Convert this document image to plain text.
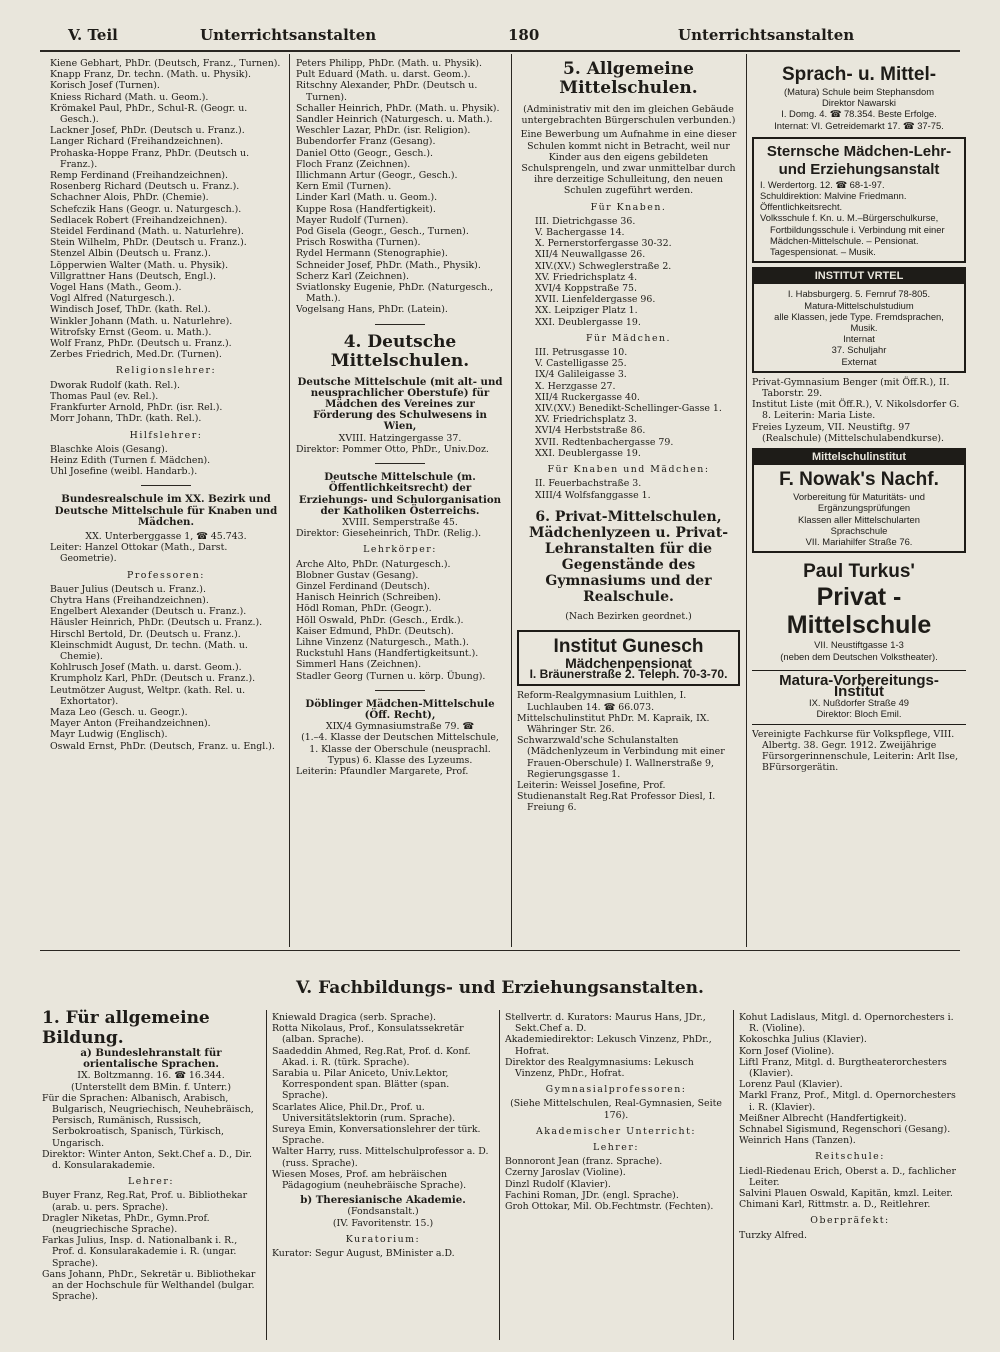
V. Teil	Unterrichtsanstalten	180	Unterrichtsanstalten

Kiene Gebhart, PhDr. (Deutsch, Franz., Turnen).

Knapp Franz, Dr. techn. (Math. u. Physik).

Korisch Josef (Turnen).

Kniess Richard (Math. u. Geom.).

Krömakel Paul, PhDr., Schul-R. (Geogr. u. Gesch.).

Lackner Josef, PhDr. (Deutsch u. Franz.).

Langer Richard (Freihandzeichnen).

Prohaska-Hoppe Franz, PhDr. (Deutsch u. Franz.).

Remp Ferdinand (Freihandzeichnen).

Rosenberg Richard (Deutsch u. Franz.).

Schachner Alois, PhDr. (Chemie).

Schefczik Hans (Geogr. u. Naturgesch.).

Sedlacek Robert (Freihandzeichnen).

Steidel Ferdinand (Math. u. Naturlehre).

Stein Wilhelm, PhDr. (Deutsch u. Franz.).

Stenzel Albin (Deutsch u. Franz.).

Löpperwien Walter (Math. u. Physik).

Villgrattner Hans (Deutsch, Engl.).

Vogel Hans (Math., Geom.).

Vogl Alfred (Naturgesch.).

Windisch Josef, ThDr. (kath. Rel.).

Winkler Johann (Math. u. Naturlehre).

Witrofsky Ernst (Geom. u. Math.).

Wolf Franz, PhDr. (Deutsch u. Franz.).

Zerbes Friedrich, Med.Dr. (Turnen).

Religionslehrer:

Dworak Rudolf (kath. Rel.).

Thomas Paul (ev. Rel.).

Frankfurter Arnold, PhDr. (isr. Rel.).

Morr Johann, ThDr. (kath. Rel.).

Hilfslehrer:

Blaschke Alois (Gesang).

Heinz Edith (Turnen f. Mädchen).

Uhl Josefine (weibl. Handarb.).

Bundesrealschule im XX. Bezirk und Deutsche Mittelschule für Knaben und Mädchen.

XX. Unterberggasse 1, ☎ 45.743.

Leiter: Hanzel Ottokar (Math., Darst. Geometrie).

Professoren:

Bauer Julius (Deutsch u. Franz.).

Chytra Hans (Freihandzeichnen).

Engelbert Alexander (Deutsch u. Franz.).

Häusler Heinrich, PhDr. (Deutsch u. Franz.).

Hirschl Bertold, Dr. (Deutsch u. Franz.).

Kleinschmidt August, Dr. techn. (Math. u. Chemie).

Kohlrusch Josef (Math. u. darst. Geom.).

Krumpholz Karl, PhDr. (Deutsch u. Franz.).

Leutmötzer August, Weltpr. (kath. Rel. u. Exhortator).

Maza Leo (Gesch. u. Geogr.).

Mayer Anton (Freihandzeichnen).

Mayr Ludwig (Englisch).

Oswald Ernst, PhDr. (Deutsch, Franz. u. Engl.).

Peters Philipp, PhDr. (Math. u. Physik).

Pult Eduard (Math. u. darst. Geom.).

Ritschny Alexander, PhDr. (Deutsch u. Turnen).

Schaller Heinrich, PhDr. (Math. u. Physik).

Sandler Heinrich (Naturgesch. u. Math.).

Weschler Lazar, PhDr. (isr. Religion).

Bubendorfer Franz (Gesang).

Daniel Otto (Geogr., Gesch.).

Floch Franz (Zeichnen).

Illichmann Artur (Geogr., Gesch.).

Kern Emil (Turnen).

Linder Karl (Math. u. Geom.).

Kuppe Rosa (Handfertigkeit).

Mayer Rudolf (Turnen).

Pod Gisela (Geogr., Gesch., Turnen).

Prisch Roswitha (Turnen).

Rydel Hermann (Stenographie).

Schneider Josef, PhDr. (Math., Physik).

Scherz Karl (Zeichnen).

Sviatlonsky Eugenie, PhDr. (Naturgesch., Math.).

Vogelsang Hans, PhDr. (Latein).

4. Deutsche Mittelschulen.

Deutsche Mittelschule (mit alt- und neusprachlicher Oberstufe) für Mädchen des Vereines zur Förderung des Schulwesens in Wien,

XVIII. Hatzingergasse 37.

Direktor: Pommer Otto, PhDr., Univ.Doz.

Deutsche Mittelschule (m. Öffentlichkeitsrecht) der Erziehungs- und Schulorganisation der Katholiken Österreichs.

XVIII. Semperstraße 45.

Direktor: Gieseheinrich, ThDr. (Relig.).

Lehrkörper:

Arche Alto, PhDr. (Naturgesch.).

Blobner Gustav (Gesang).

Ginzel Ferdinand (Deutsch).

Hanisch Heinrich (Schreiben).

Hödl Roman, PhDr. (Geogr.).

Höll Oswald, PhDr. (Gesch., Erdk.).

Kaiser Edmund, PhDr. (Deutsch).

Lihne Vinzenz (Naturgesch., Math.).

Ruckstuhl Hans (Handfertigkeitsunt.).

Simmerl Hans (Zeichnen).

Stadler Georg (Turnen u. körp. Übung).

Döblinger Mädchen-Mittelschule (Öff. Recht),

XIX/4 Gymnasiumstraße 79. ☎

(1.–4. Klasse der Deutschen Mittelschule, 1. Klasse der Oberschule (neusprachl. Typus) 6. Klasse des Lyzeums.

Leiterin: Pfaundler Margarete, Prof.

5. Allgemeine Mittelschulen.

(Administrativ mit den im gleichen Gebäude untergebrachten Bürgerschulen verbunden.)

Eine Bewerbung um Aufnahme in eine dieser Schulen kommt nicht in Betracht, weil nur Kinder aus den eigens gebildeten Schulsprengeln, und zwar unmittelbar durch ihre derzeitige Schulleitung, den neuen Schulen zugeführt werden.

Für Knaben.

III. Dietrichgasse 36.

V. Bachergasse 14.

X. Pernerstorfergasse 30-32.

XII/4 Neuwallgasse 26.

XIV.(XV.) Schweglerstraße 2.

XV. Friedrichsplatz 4.

XVI/4 Koppstraße 75.

XVII. Lienfeldergasse 96.

XX. Leipziger Platz 1.

XXI. Deublergasse 19.

Für Mädchen.

III. Petrusgasse 10.

V. Castelligasse 25.

IX/4 Galileigasse 3.

X. Herzgasse 27.

XII/4 Ruckergasse 40.

XIV.(XV.) Benedikt-Schellinger-Gasse 1.

XV. Friedrichsplatz 3.

XVI/4 Herbststraße 86.

XVII. Redtenbachergasse 79.

XXI. Deublergasse 19.

Für Knaben und Mädchen:

II. Feuerbachstraße 3.

XIII/4 Wolfsfanggasse 1.

6. Privat-Mittelschulen, Mädchenlyzeen u. Privat-Lehranstalten für die Gegenstände des Gymnasiums und der Realschule.

(Nach Bezirken geordnet.)

Institut Gunesch

Mädchenpensionat

I. Bräunerstraße 2. Teleph. 70-3-70.

Reform-Realgymnasium Luithlen, I. Luchlauben 14. ☎ 66.073.

Mittelschulinstitut PhDr. M. Kapraik, IX. Währinger Str. 26.

Schwarzwald'sche Schulanstalten (Mädchenlyzeum in Verbindung mit einer Frauen-Oberschule) I. Wallnerstraße 9, Regierungsgasse 1.

Leiterin: Weissel Josefine, Prof.

Studienanstalt Reg.Rat Professor Diesl, I. Freiung 6.

Sprach- u. Mittel-

(Matura) Schule beim Stephansdom

Direktor Nawarski

I. Domg. 4. ☎ 78.354. Beste Erfolge.

Internat: VI. Getreidemarkt 17. ☎ 37-75.

Sternsche Mädchen-Lehr- und Erziehungsanstalt

I. Werdertorg. 12. ☎ 68-1-97.

Schuldirektion: Malvine Friedmann.

Öffentlichkeitsrecht.

Volksschule f. Kn. u. M.–Bürgerschulkurse, Fortbildungsschule i. Verbindung mit einer Mädchen-Mittelschule. – Pensionat. Tagespensionat. – Musik.

INSTITUT VRTEL

I. Habsburgerg. 5. Fernruf 78-805.

Matura-Mittelschulstudium

alle Klassen, jede Type. Fremdsprachen, Musik.

Internat

37. Schuljahr

Externat

Privat-Gymnasium Benger (mit Öff.R.), II. Taborstr. 29.

Institut Liste (mit Öff.R.), V. Nikolsdorfer G. 8. Leiterin: Maria Liste.

Freies Lyzeum, VII. Neustiftg. 97 (Realschule) (Mittelschulabendkurse).

Mittelschulinstitut

F. Nowak's Nachf.

Vorbereitung für Maturitäts- und Ergänzungsprüfungen

Klassen aller Mittelschularten

Sprachschule

VII. Mariahilfer Straße 76.

Paul Turkus'

Privat - Mittelschule

VII. Neustiftgasse 1-3

(neben dem Deutschen Volkstheater).

Matura-Vorbereitungs-Institut

IX. Nußdorfer Straße 49

Direktor: Bloch Emil.

Vereinigte Fachkurse für Volkspflege, VIII. Albertg. 38. Gegr. 1912. Zweijährige Fürsorgerinnenschule, Leiterin: Arlt Ilse, BFürsorgerätin.

V. Fachbildungs- und Erziehungsanstalten.

1. Für allgemeine Bildung.

a) Bundeslehranstalt für orientalische Sprachen.

IX. Boltzmanng. 16. ☎ 16.344.

(Unterstellt dem BMin. f. Unterr.)

Für die Sprachen: Albanisch, Arabisch, Bulgarisch, Neugriechisch, Neuhebräisch, Persisch, Rumänisch, Russisch, Serbokroatisch, Spanisch, Türkisch, Ungarisch.

Direktor: Winter Anton, Sekt.Chef a. D., Dir. d. Konsularakademie.

Lehrer:

Buyer Franz, Reg.Rat, Prof. u. Bibliothekar (arab. u. pers. Sprache).

Dragler Niketas, PhDr., Gymn.Prof. (neugriechische Sprache).

Farkas Julius, Insp. d. Nationalbank i. R., Prof. d. Konsularakademie i. R. (ungar. Sprache).

Gans Johann, PhDr., Sekretär u. Bibliothekar an der Hochschule für Welthandel (bulgar. Sprache).

Kniewald Dragica (serb. Sprache).

Rotta Nikolaus, Prof., Konsulatssekretär (alban. Sprache).

Saadeddin Ahmed, Reg.Rat, Prof. d. Konf. Akad. i. R. (türk. Sprache).

Sarabia u. Pilar Aniceto, Univ.Lektor, Korrespondent span. Blätter (span. Sprache).

Scarlates Alice, Phil.Dr., Prof. u. Universitätslektorin (rum. Sprache).

Sureya Emin, Konversationslehrer der türk. Sprache.

Walter Harry, russ. Mittelschulprofessor a. D. (russ. Sprache).

Wiesen Moses, Prof. am hebräischen Pädagogium (neuhebräische Sprache).

b) Theresianische Akademie.

(Fondsanstalt.)

(IV. Favoritenstr. 15.)

Kuratorium:

Kurator: Segur August, BMinister a.D.

Stellvertr. d. Kurators: Maurus Hans, JDr., Sekt.Chef a. D.

Akademiedirektor: Lekusch Vinzenz, PhDr., Hofrat.

Direktor des Realgymnasiums: Lekusch Vinzenz, PhDr., Hofrat.

Gymnasialprofessoren:

(Siehe Mittelschulen, Real-Gymnasien, Seite 176).

Akademischer Unterricht:

Lehrer:

Bonnoront Jean (franz. Sprache).

Czerny Jaroslav (Violine).

Dinzl Rudolf (Klavier).

Fachini Roman, JDr. (engl. Sprache).

Groh Ottokar, Mil. Ob.Fechtmstr. (Fechten).

Kohut Ladislaus, Mitgl. d. Opernorchesters i. R. (Violine).

Kokoschka Julius (Klavier).

Korn Josef (Violine).

Liftl Franz, Mitgl. d. Burgtheaterorchesters (Klavier).

Lorenz Paul (Klavier).

Markl Franz, Prof., Mitgl. d. Opernorchesters i. R. (Klavier).

Meißner Albrecht (Handfertigkeit).

Schnabel Sigismund, Regenschori (Gesang).

Weinrich Hans (Tanzen).

Reitschule:

Liedl-Riedenau Erich, Oberst a. D., fachlicher Leiter.

Salvini Plauen Oswald, Kapitän, kmzl. Leiter.

Chimani Karl, Rittmstr. a. D., Reitlehrer.

Oberpräfekt:

Turzky Alfred.
